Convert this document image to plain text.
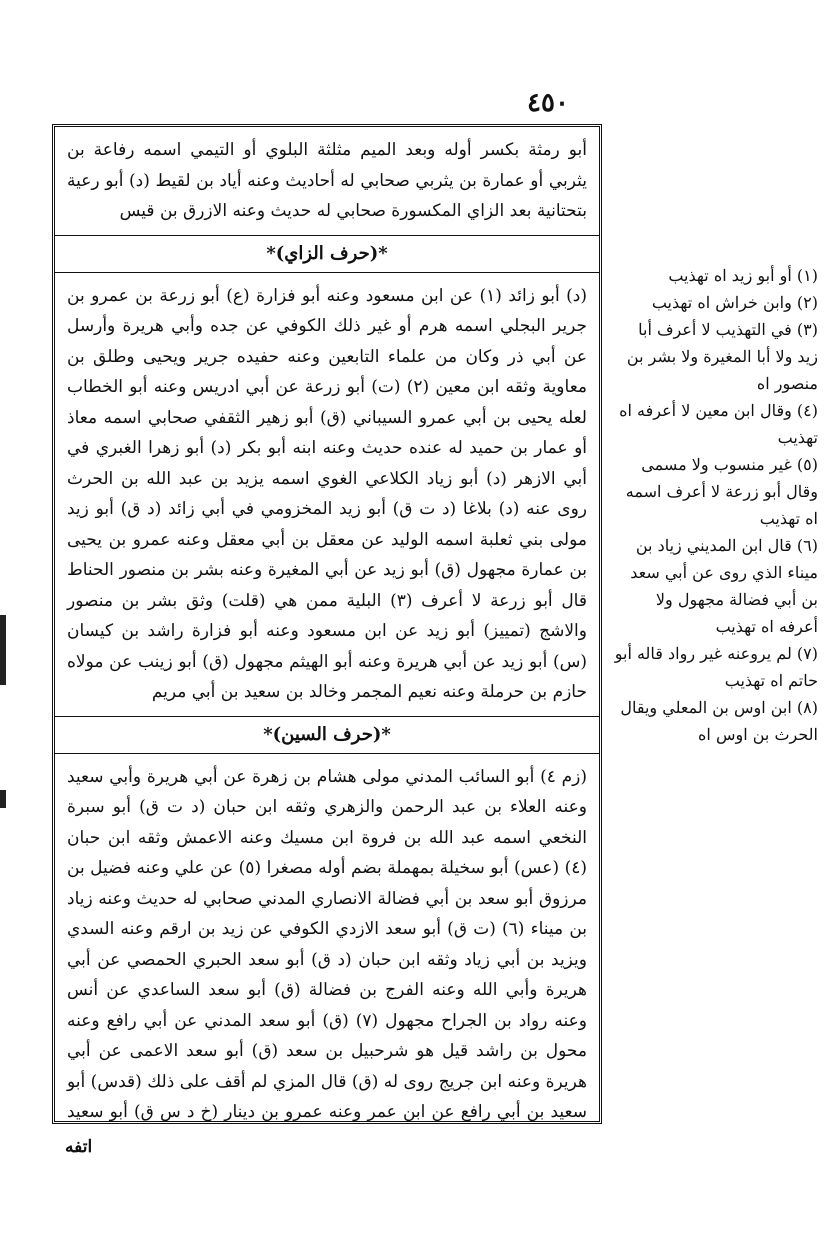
٤٥٠

أبو رمثة بكسر أوله وبعد الميم مثلثة البلوي أو التيمي اسمه رفاعة بن يثربي أو عمارة بن يثربي صحابي له أحاديث وعنه أياد بن لقيط (د) أبو رعية بتحتانية بعد الزاي المكسورة صحابي له حديث وعنه الازرق بن قيس

*(حرف الزاي)*

(د) أبو زائد (١) عن ابن مسعود وعنه أبو فزارة (ع) أبو زرعة بن عمرو بن جرير البجلي اسمه هرم أو غير ذلك الكوفي عن جده وأبي هريرة وأرسل عن أبي ذر وكان من علماء التابعين وعنه حفيده جرير ويحيى وطلق بن معاوية وثقه ابن معين (٢) (ت) أبو زرعة عن أبي ادريس وعنه أبو الخطاب لعله يحيى بن أبي عمرو السيباني (ق) أبو زهير الثقفي صحابي اسمه معاذ أو عمار بن حميد له عنده حديث وعنه ابنه أبو بكر (د) أبو زهرا الغبري في أبي الازهر (د) أبو زياد الكلاعي الغوي اسمه يزيد بن عبد الله بن الحرث روى عنه (د) بلاغا (د ت ق) أبو زيد المخزومي في أبي زائد (د ق) أبو زيد مولى بني ثعلبة اسمه الوليد عن معقل بن أبي معقل وعنه عمرو بن يحيى بن عمارة مجهول (ق) أبو زيد عن أبي المغيرة وعنه بشر بن منصور الحناط قال أبو زرعة لا أعرف (٣) البلية ممن هي (قلت) وثق بشر بن منصور والاشج (تمييز) أبو زيد عن ابن مسعود وعنه أبو فزارة راشد بن كيسان (س) أبو زيد عن أبي هريرة وعنه أبو الهيثم مجهول (ق) أبو زينب عن مولاه حازم بن حرملة وعنه نعيم المجمر وخالد بن سعيد بن أبي مريم

*(حرف السين)*

(زم ٤) أبو السائب المدني مولى هشام بن زهرة عن أبي هريرة وأبي سعيد وعنه العلاء بن عبد الرحمن والزهري وثقه ابن حبان (د ت ق) أبو سبرة النخعي اسمه عبد الله بن فروة ابن مسيك وعنه الاعمش وثقه ابن حبان (٤) (عس) أبو سخيلة بمهملة بضم أوله مصغرا (٥) عن علي وعنه فضيل بن مرزوق أبو سعد بن أبي فضالة الانصاري المدني صحابي له حديث وعنه زياد بن ميناء (٦) (ت ق) أبو سعد الازدي الكوفي عن زيد بن ارقم وعنه السدي ويزيد بن أبي زياد وثقه ابن حبان (د ق) أبو سعد الحبري الحمصي عن أبي هريرة وأبي الله وعنه الفرج بن فضالة (ق) أبو سعد الساعدي عن أنس وعنه رواد بن الجراح مجهول (٧) (ق) أبو سعد المدني عن أبي رافع وعنه محول بن راشد قيل هو شرحبيل بن سعد (ق) أبو سعد الاعمى عن أبي هريرة وعنه ابن جريج روى له (ق) قال المزي لم أقف على ذلك (قدس) أبو سعيد بن أبي رافع عن ابن عمر وعنه عمرو بن دينار (خ د س ق) أبو سعيد

(١) أو أبو زيد اه تهذيب

(٢) وابن خراش اه تهذيب

(٣) في التهذيب لا أعرف أبا زيد ولا أبا المغيرة ولا بشر بن منصور اه

(٤) وقال ابن معين لا أعرفه اه تهذيب

(٥) غير منسوب ولا مسمى وقال أبو زرعة لا أعرف اسمه اه تهذيب

(٦) قال ابن المديني زياد بن ميناء الذي روى عن أبي سعد بن أبي فضالة مجهول ولا أعرفه اه تهذيب

(٧) لم يروعنه غير رواد قاله أبو حاتم اه تهذيب

(٨) ابن اوس بن المعلي ويقال الحرث بن اوس اه

اتفه
